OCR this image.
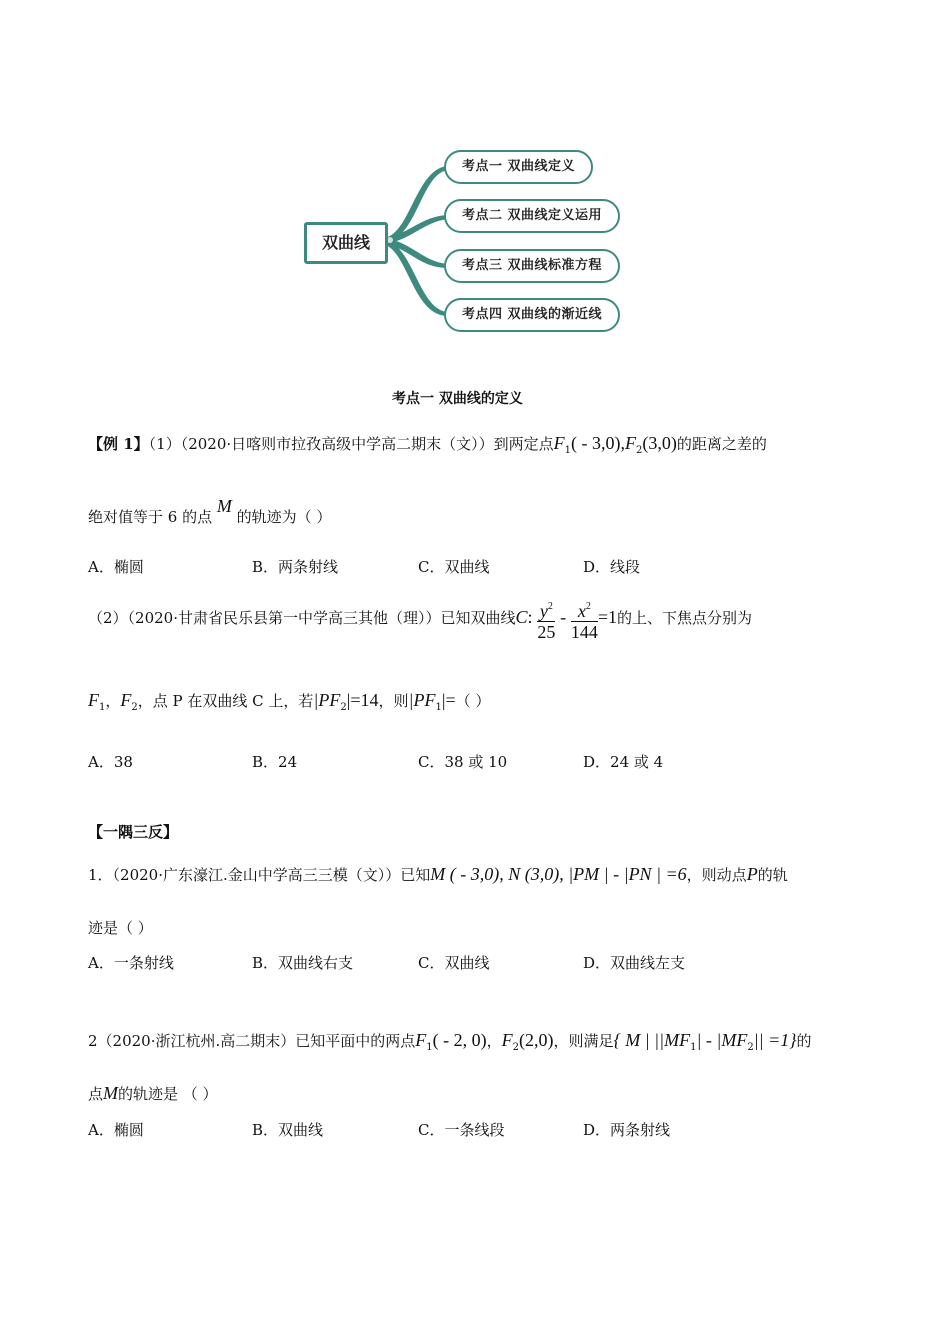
双曲线
考点一 双曲线定义
考点二 双曲线定义运用
考点三 双曲线标准方程
考点四 双曲线的渐近线
考点一 双曲线的定义
【例 1】（1）（2020·日喀则市拉孜高级中学高二期末（文））到两定点$F_1( - 3,0),F_2(3,0)$的距离之差的
绝对值等于 6 的点 M 的轨迹为（ ）
A．椭圆	B．两条射线	C．双曲线	D．线段
（2）（2020·甘肃省民乐县第一中学高三其他（理））已知双曲线C: $\frac{y^2}{25} - \frac{x^2}{144} =1$的上、下焦点分别为
$F_1$，$F_2$，点 P 在双曲线 C 上，若$|PF_2|=14$，则$|PF_1|=$（ ）
A．38	B．24	C．38 或 10	D．24 或 4
【一隅三反】
1．（2020·广东濠江.金山中学高三三模（文））已知M ( - 3,0), N (3,0), |PM | - |PN | =6，则动点P的轨
迹是（ ）
A．一条射线	B．双曲线右支	C．双曲线	D．双曲线左支
2（2020·浙江杭州.高二期末）已知平面中的两点$F_1( - 2$, 0)，$F_2(2,0)$，则满足{ M | $||MF_1| - |MF_2|| =1$}的
点M的轨迹是 （ ）
A．椭圆	B．双曲线	C．一条线段	D．两条射线
